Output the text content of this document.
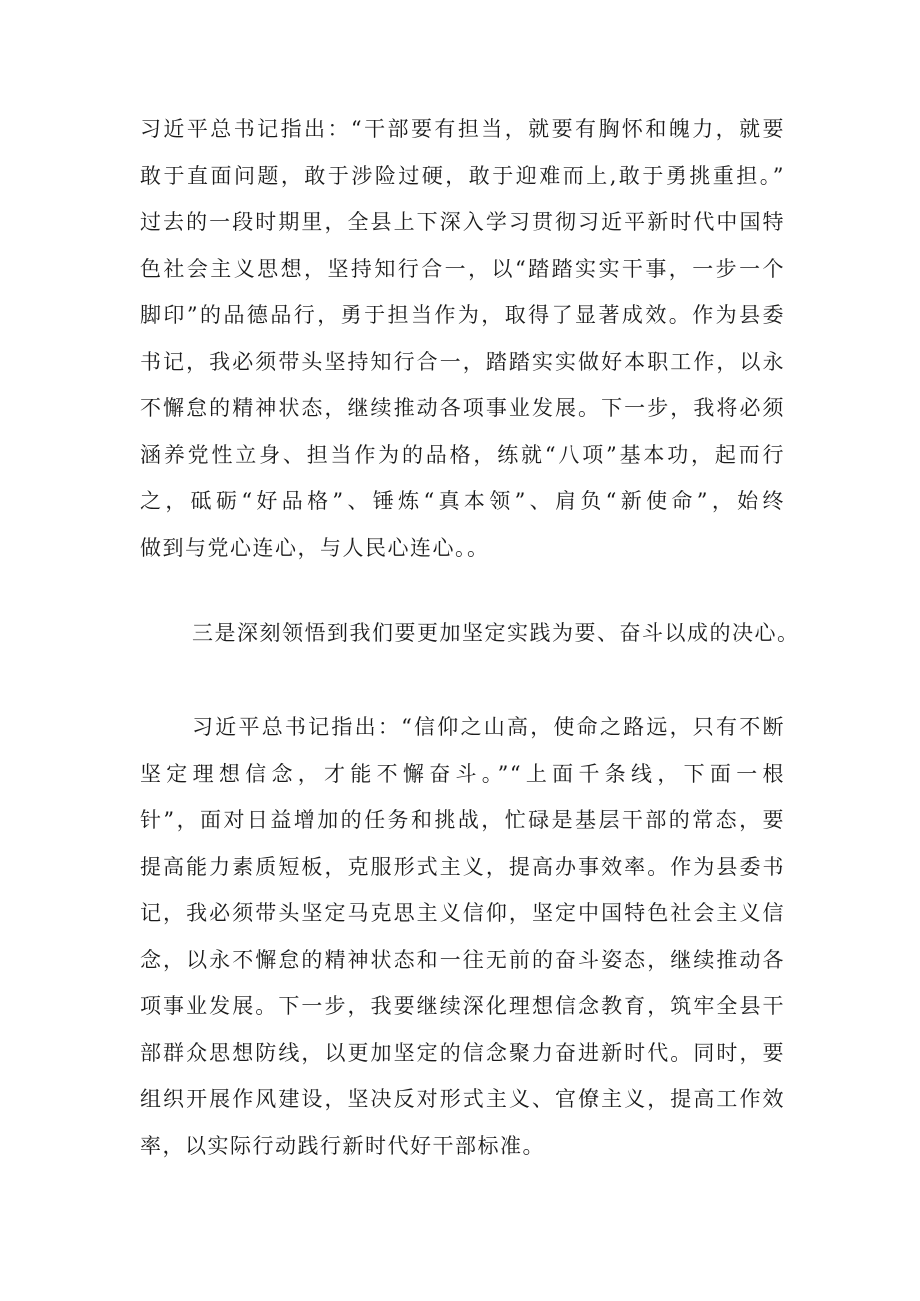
习近平总书记指出：“干部要有担当，就要有胸怀和魄力，就要
敢于直面问题，敢于涉险过硬，敢于迎难而上,敢于勇挑重担。”
过去的一段时期里，全县上下深入学习贯彻习近平新时代中国特
色社会主义思想，坚持知行合一，以“踏踏实实干事，一步一个
脚印”的品德品行，勇于担当作为，取得了显著成效。作为县委
书记，我必须带头坚持知行合一，踏踏实实做好本职工作，以永
不懈怠的精神状态，继续推动各项事业发展。下一步，我将必须
涵养党性立身、担当作为的品格，练就“八项”基本功，起而行
之，砥砺“好品格”、锤炼“真本领”、肩负“新使命”，始终
做到与党心连心，与人民心连心。。
三是深刻领悟到我们要更加坚定实践为要、奋斗以成的决心。
习近平总书记指出：“信仰之山高，使命之路远，只有不断
坚定理想信念，才能不懈奋斗。”“上面千条线，下面一根
针”，面对日益增加的任务和挑战，忙碌是基层干部的常态，要
提高能力素质短板，克服形式主义，提高办事效率。作为县委书
记，我必须带头坚定马克思主义信仰，坚定中国特色社会主义信
念，以永不懈怠的精神状态和一往无前的奋斗姿态，继续推动各
项事业发展。下一步，我要继续深化理想信念教育，筑牢全县干
部群众思想防线，以更加坚定的信念聚力奋进新时代。同时，要
组织开展作风建设，坚决反对形式主义、官僚主义，提高工作效
率，以实际行动践行新时代好干部标准。
